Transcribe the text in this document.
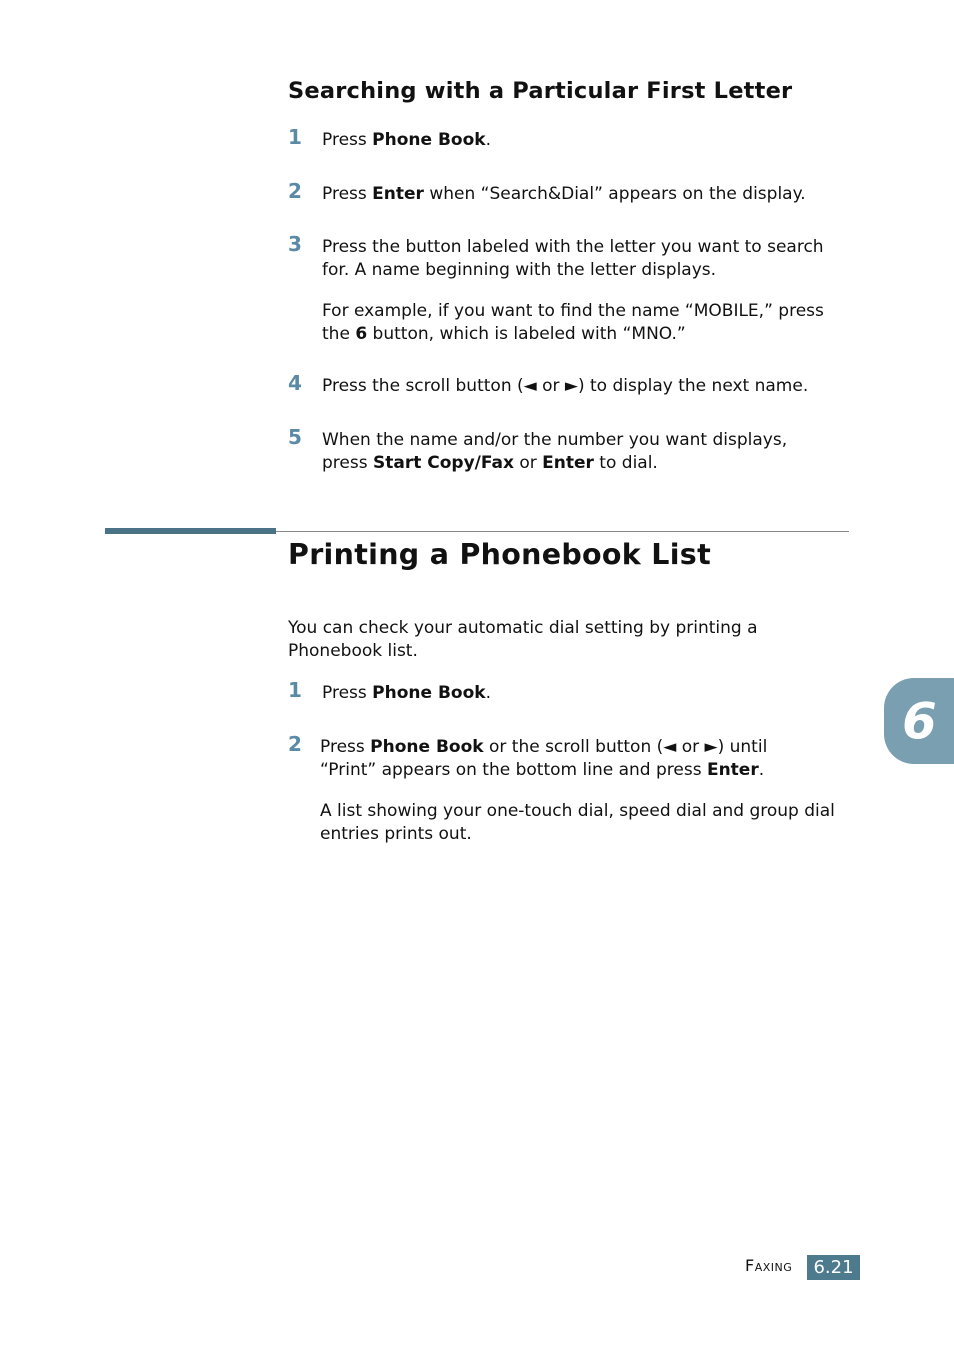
Searching with a Particular First Letter
1 Press Phone Book.
2 Press Enter when “Search&Dial” appears on the display.
3 Press the button labeled with the letter you want to search
for. A name beginning with the letter displays.
For example, if you want to find the name “MOBILE,” press
the 6 button, which is labeled with “MNO.”
4 Press the scroll button (◄ or ►) to display the next name.
5 When the name and/or the number you want displays,
press Start Copy/Fax or Enter to dial.
Printing a Phonebook List
You can check your automatic dial setting by printing a
Phonebook list.
1 Press Phone Book.
2 Press Phone Book or the scroll button (◄ or ►) until
“Print” appears on the bottom line and press Enter.
A list showing your one-touch dial, speed dial and group dial
entries prints out.
6
Faxing	6.21
